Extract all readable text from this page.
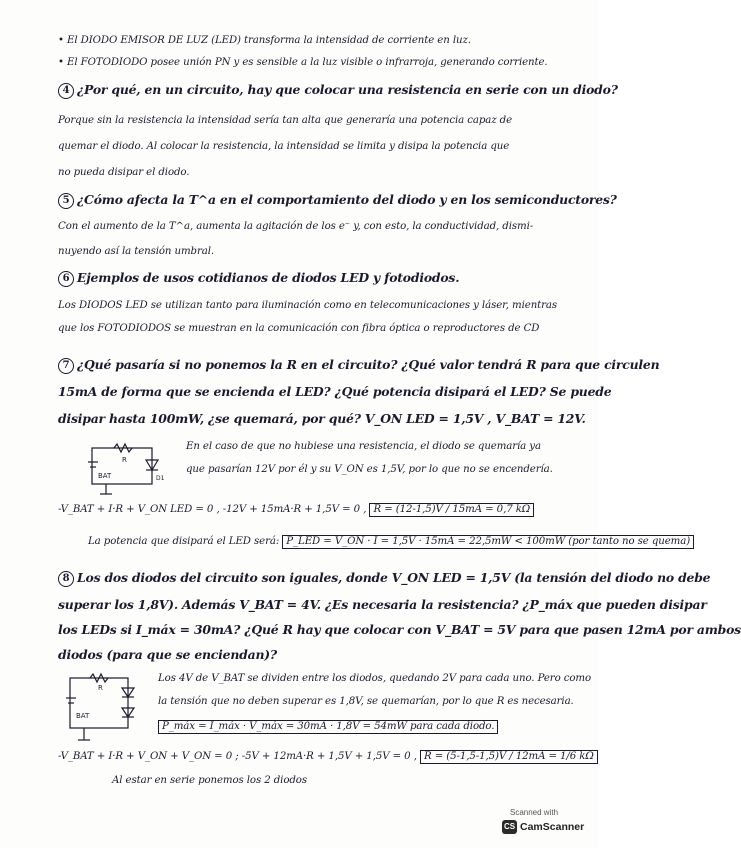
• El DIODO EMISOR DE LUZ (LED) transforma la intensidad de corriente en luz.
• El FOTODIODO posee unión PN y es sensible a la luz visible o infrarroja, generando corriente.
4 ¿Por qué, en un circuito, hay que colocar una resistencia en serie con un diodo?
Porque sin la resistencia la intensidad sería tan alta que generaría una potencia capaz de
quemar el diodo. Al colocar la resistencia, la intensidad se limita y disipa la potencia que
no pueda disipar el diodo.
5 ¿Cómo afecta la T^a en el comportamiento del diodo y en los semiconductores?
Con el aumento de la T^a, aumenta la agitación de los e⁻ y, con esto, la conductividad, dismi-
nuyendo así la tensión umbral.
6 Ejemplos de usos cotidianos de diodos LED y fotodiodos.
Los DIODOS LED se utilizan tanto para iluminación como en telecomunicaciones y láser, mientras
que los FOTODIODOS se muestran en la comunicación con fibra óptica o reproductores de CD
7 ¿Qué pasaría si no ponemos la R en el circuito? ¿Qué valor tendrá R para que circulen
15mA de forma que se encienda el LED? ¿Qué potencia disipará el LED? Se puede
disipar hasta 100mW, ¿se quemará, por qué? V_ON LED = 1,5V , V_BAT = 12V.
R
BAT	D1
En el caso de que no hubiese una resistencia, el diodo se quemaría ya
que pasarían 12V por él y su V_ON es 1,5V, por lo que no se encendería.
-V_BAT + I·R + V_ON LED = 0 , -12V + 15mA·R + 1,5V = 0 , R = (12-1,5)V / 15mA = 0,7 kΩ
La potencia que disipará el LED será: P_LED = V_ON · I = 1,5V · 15mA = 22,5mW < 100mW (por tanto no se quema)
8 Los dos diodos del circuito son iguales, donde V_ON LED = 1,5V (la tensión del diodo no debe
superar los 1,8V). Además V_BAT = 4V. ¿Es necesaria la resistencia? ¿P_máx que pueden disipar
los LEDs si I_máx = 30mA? ¿Qué R hay que colocar con V_BAT = 5V para que pasen 12mA por ambos
diodos (para que se enciendan)?
R
BAT
Los 4V de V_BAT se dividen entre los diodos, quedando 2V para cada uno. Pero como
la tensión que no deben superar es 1,8V, se quemarían, por lo que R es necesaria.
P_máx = I_máx · V_máx = 30mA · 1,8V = 54mW para cada diodo.
-V_BAT + I·R + V_ON + V_ON = 0 ; -5V + 12mA·R + 1,5V + 1,5V = 0 , R = (5-1,5-1,5)V / 12mA = 1/6 kΩ
Al estar en serie ponemos los 2 diodos
Scanned with
CS CamScanner
